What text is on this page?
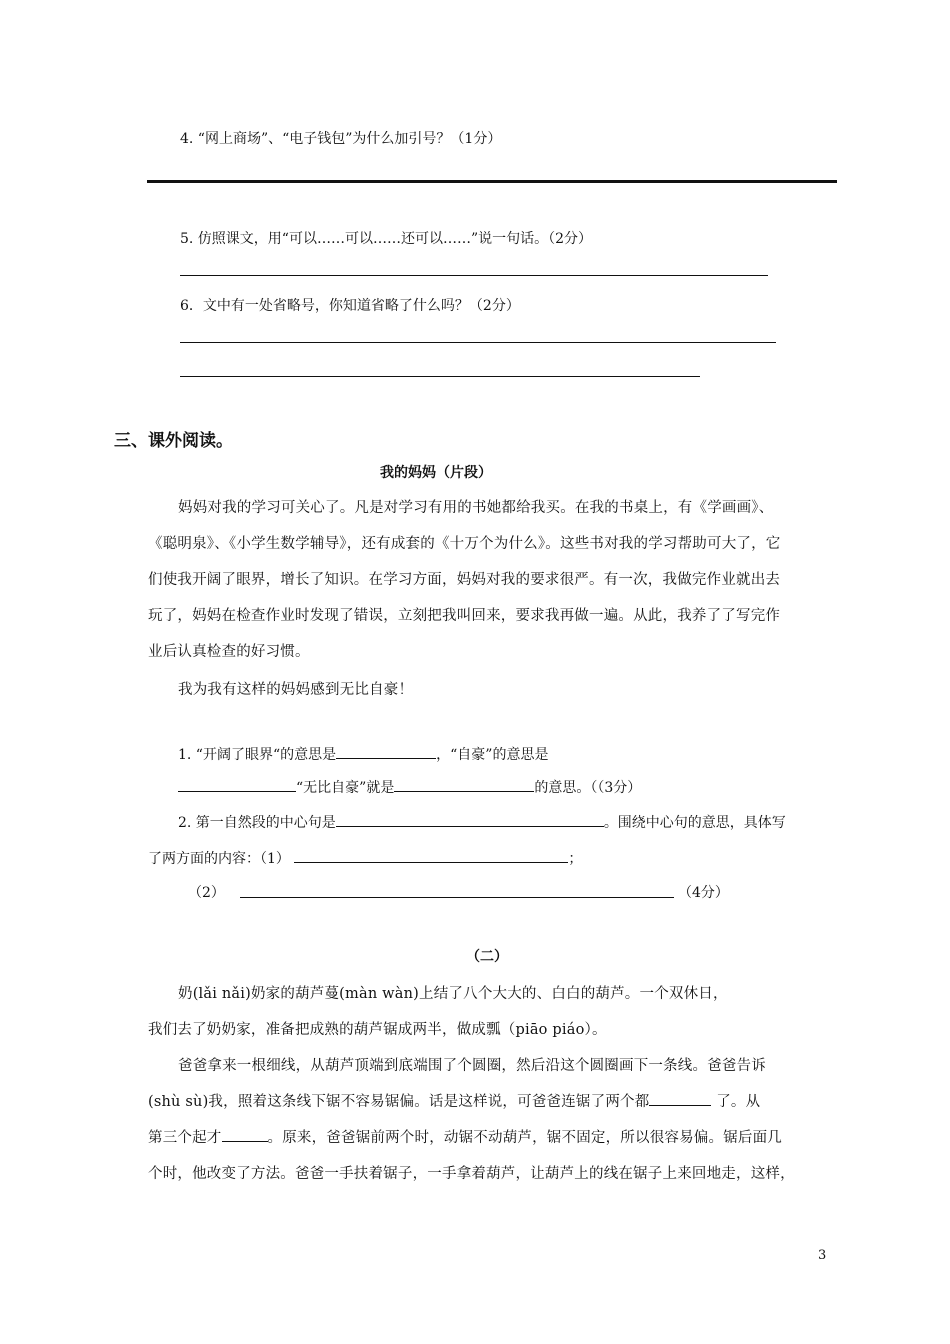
4. “网上商场”、“电子钱包”为什么加引号？（1分）
5. 仿照课文，用“可以……可以……还可以……”说一句话。（2分）
6．文中有一处省略号，你知道省略了什么吗？（2分）
三、课外阅读。
我的妈妈（片段）
妈妈对我的学习可关心了。凡是对学习有用的书她都给我买。在我的书桌上，有《学画画》、
《聪明泉》、《小学生数学辅导》，还有成套的《十万个为什么》。这些书对我的学习帮助可大了，它
们使我开阔了眼界，增长了知识。在学习方面，妈妈对我的要求很严。有一次，我做完作业就出去
玩了，妈妈在检查作业时发现了错误，立刻把我叫回来，要求我再做一遍。从此，我养了了写完作
业后认真检查的好习惯。
我为我有这样的妈妈感到无比自豪！
1. “开阔了眼界“的意思是	，“自豪”的意思是
“无比自豪”就是	的意思。（（3分）
2. 第一自然段的中心句是	。围绕中心句的意思，具体写
了两方面的内容：（1）	；
（2）	（4分）
（二）
奶(lǎi nǎi)奶家的葫芦蔓(màn wàn)上结了八个大大的、白白的葫芦。一个双休日，
我们去了奶奶家，准备把成熟的葫芦锯成两半，做成瓢（piāo piáo）。
爸爸拿来一根细线，从葫芦顶端到底端围了个圆圈，然后沿这个圆圈画下一条线。爸爸告诉
(shù sù)我，照着这条线下锯不容易锯偏。话是这样说，可爸爸连锯了两个都	了。从
第三个起才	。原来，爸爸锯前两个时，动锯不动葫芦，锯不固定，所以很容易偏。锯后面几
个时，他改变了方法。爸爸一手扶着锯子，一手拿着葫芦，让葫芦上的线在锯子上来回地走，这样，
3
